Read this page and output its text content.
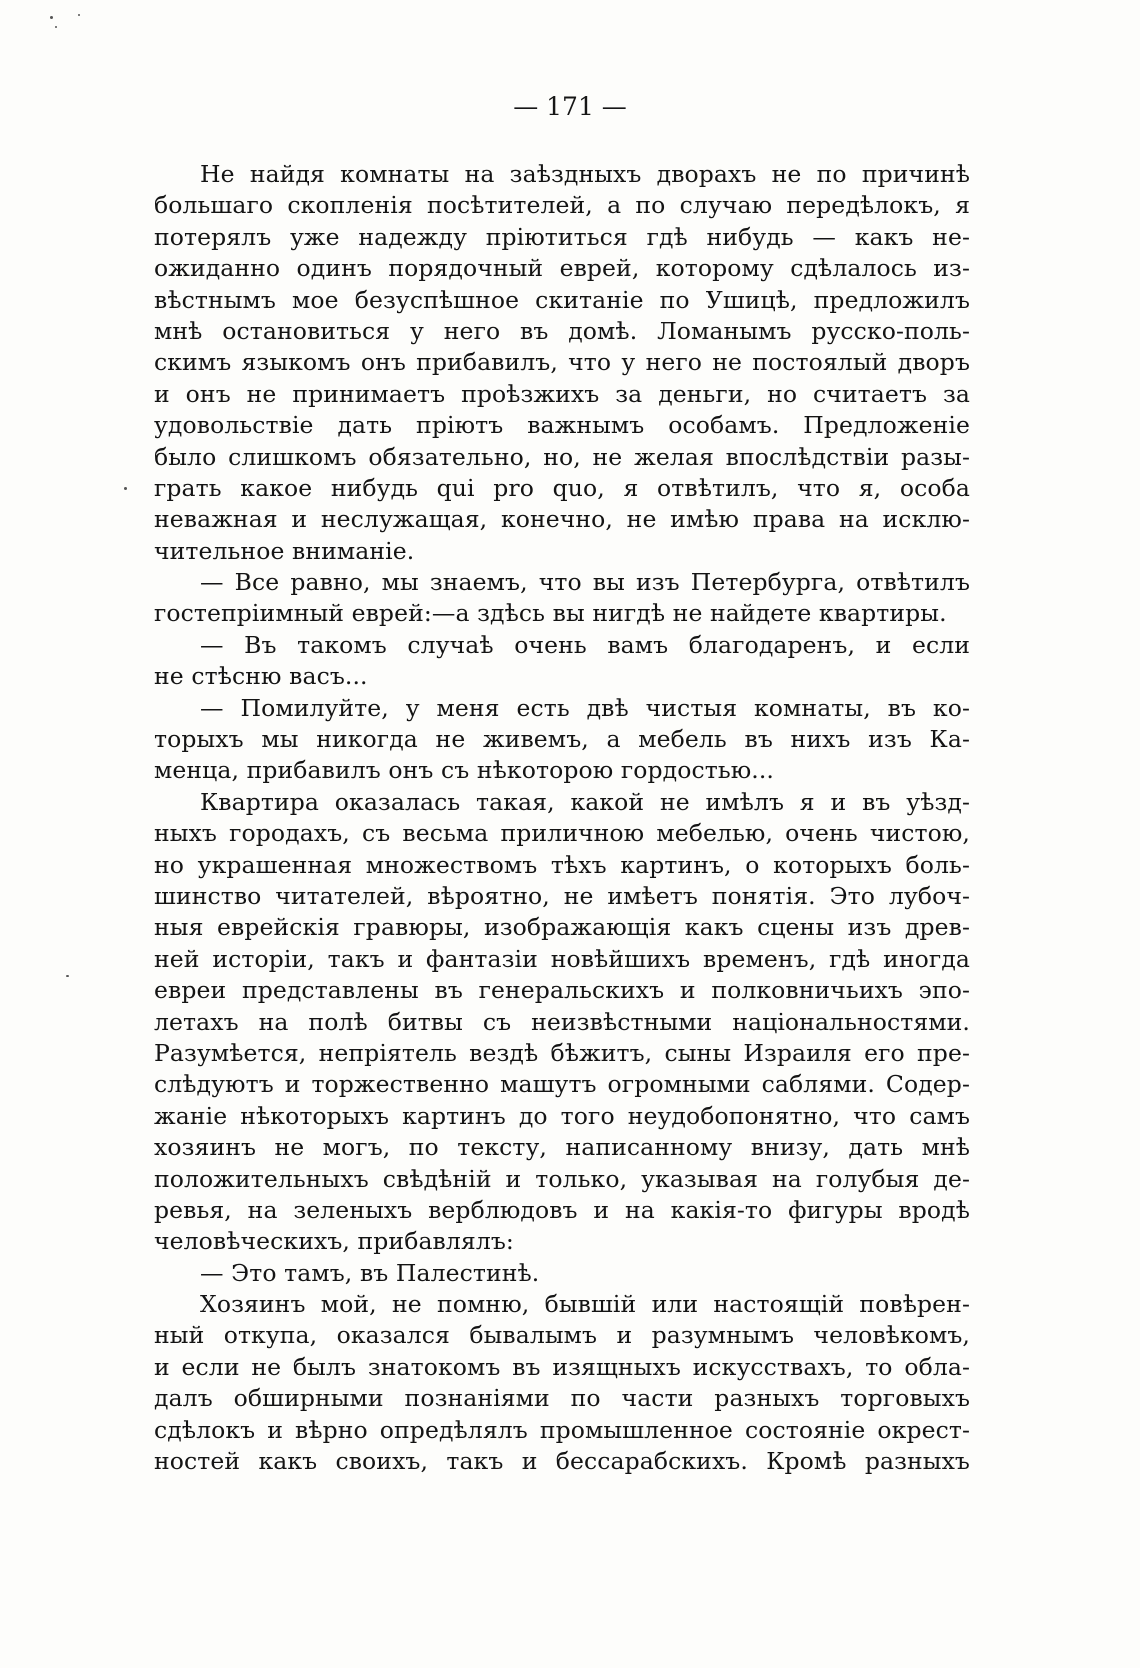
— 171 —
Не найдя комнаты на заѣздныхъ дворахъ не по причинѣ
большаго скопленія посѣтителей, а по случаю передѣлокъ, я
потерялъ уже надежду пріютиться гдѣ нибудь — какъ не-
ожиданно одинъ порядочный еврей, которому сдѣлалось из-
вѣстнымъ мое безуспѣшное скитаніе по Ушицѣ, предложилъ
мнѣ остановиться у него въ домѣ. Ломанымъ русско-поль-
скимъ языкомъ онъ прибавилъ, что у него не постоялый дворъ
и онъ не принимаетъ проѣзжихъ за деньги, но считаетъ за
удовольствіе дать пріютъ важнымъ особамъ. Предложеніе
было слишкомъ обязательно, но, не желая впослѣдствіи разы-
грать какое нибудь qui pro quo, я отвѣтилъ, что я, особа
неважная и неслужащая, конечно, не имѣю права на исклю-
чительное вниманіе.
— Все равно, мы знаемъ, что вы изъ Петербурга, отвѣтилъ
гостепріимный еврей:—а здѣсь вы нигдѣ не найдете квартиры.
— Въ такомъ случаѣ очень вамъ благодаренъ, и если
не стѣсню васъ...
— Помилуйте, у меня есть двѣ чистыя комнаты, въ ко-
торыхъ мы никогда не живемъ, а мебель въ нихъ изъ Ка-
менца, прибавилъ онъ съ нѣкоторою гордостью...
Квартира оказалась такая, какой не имѣлъ я и въ уѣзд-
ныхъ городахъ, съ весьма приличною мебелью, очень чистою,
но украшенная множествомъ тѣхъ картинъ, о которыхъ боль-
шинство читателей, вѣроятно, не имѣетъ понятія. Это лубоч-
ныя еврейскія гравюры, изображающія какъ сцены изъ древ-
ней исторіи, такъ и фантазіи новѣйшихъ временъ, гдѣ иногда
евреи представлены въ генеральскихъ и полковничьихъ эпо-
летахъ на полѣ битвы съ неизвѣстными національностями.
Разумѣется, непріятель вездѣ бѣжитъ, сыны Израиля его пре-
слѣдуютъ и торжественно машутъ огромными саблями. Содер-
жаніе нѣкоторыхъ картинъ до того неудобопонятно, что самъ
хозяинъ не могъ, по тексту, написанному внизу, дать мнѣ
положительныхъ свѣдѣній и только, указывая на голубыя де-
ревья, на зеленыхъ верблюдовъ и на какія-то фигуры вродѣ
человѣческихъ, прибавлялъ:
— Это тамъ, въ Палестинѣ.
Хозяинъ мой, не помню, бывшій или настоящій повѣрен-
ный откупа, оказался бывалымъ и разумнымъ человѣкомъ,
и если не былъ знатокомъ въ изящныхъ искусствахъ, то обла-
далъ обширными познаніями по части разныхъ торговыхъ
сдѣлокъ и вѣрно опредѣлялъ промышленное состояніе окрест-
ностей какъ своихъ, такъ и бессарабскихъ. Кромѣ разныхъ
